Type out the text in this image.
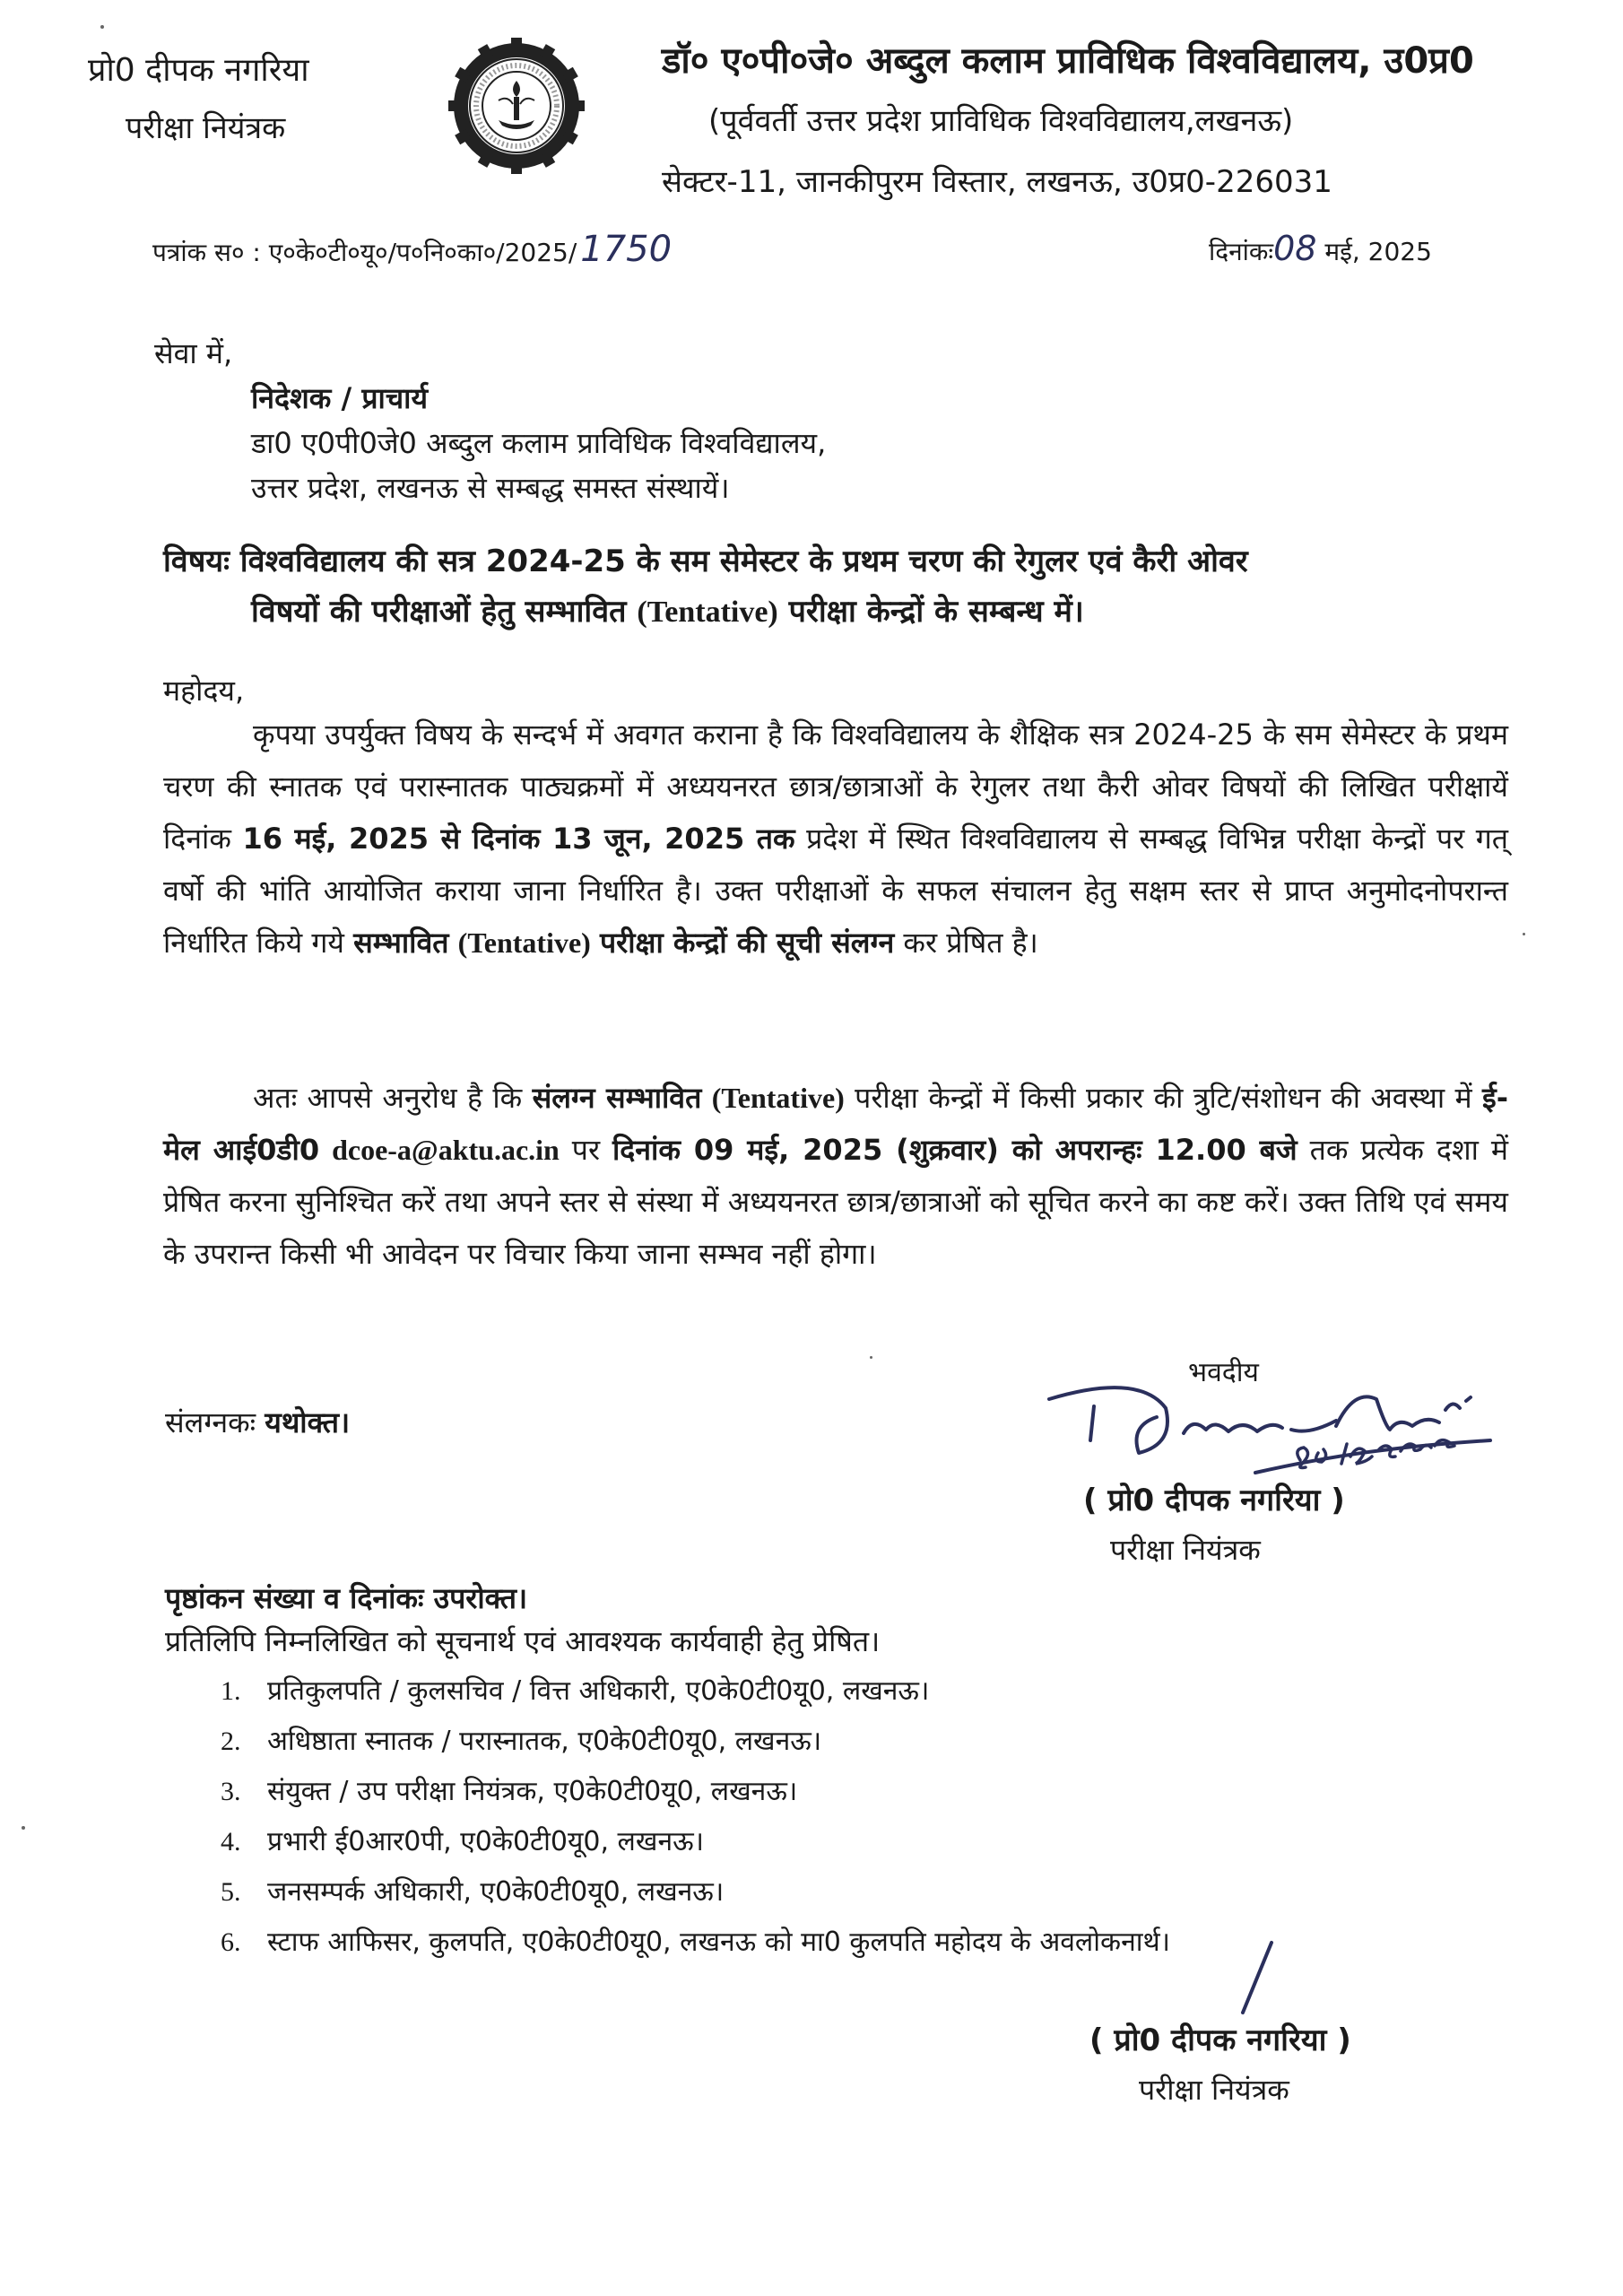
प्रो0 दीपक नगरिया
परीक्षा नियंत्रक
डॉ० ए०पी०जे० अब्दुल कलाम प्राविधिक विश्वविद्यालय, उ0प्र0
(पूर्ववर्ती उत्तर प्रदेश प्राविधिक विश्वविद्यालय,लखनऊ)
सेक्टर-11, जानकीपुरम विस्तार, लखनऊ, उ0प्र0-226031
पत्रांक स० : ए०के०टी०यू०/प०नि०का०/2025/ 1750	दिनांकः08 मई, 2025
सेवा में,
निदेशक / प्राचार्य
डा0 ए0पी0जे0 अब्दुल कलाम प्राविधिक विश्वविद्यालय,
उत्तर प्रदेश, लखनऊ से सम्बद्ध समस्त संस्थायें।
विषयः विश्वविद्यालय की सत्र 2024-25 के सम सेमेस्टर के प्रथम चरण की रेगुलर एवं कैरी ओवर
विषयों की परीक्षाओं हेतु सम्भावित (Tentative) परीक्षा केन्द्रों के सम्बन्ध में।
महोदय,
कृपया उपर्युक्त विषय के सन्दर्भ में अवगत कराना है कि विश्वविद्यालय के शैक्षिक सत्र 2024-25 के सम सेमेस्टर के प्रथम चरण की स्नातक एवं परास्नातक पाठ्यक्रमों में अध्ययनरत छात्र/छात्राओं के रेगुलर तथा कैरी ओवर विषयों की लिखित परीक्षायें दिनांक 16 मई, 2025 से दिनांक 13 जून, 2025 तक प्रदेश में स्थित विश्वविद्यालय से सम्बद्ध विभिन्न परीक्षा केन्द्रों पर गत् वर्षो की भांति आयोजित कराया जाना निर्धारित है। उक्त परीक्षाओं के सफल संचालन हेतु सक्षम स्तर से प्राप्त अनुमोदनोपरान्त निर्धारित किये गये सम्भावित (Tentative) परीक्षा केन्द्रों की सूची संलग्न कर प्रेषित है।
अतः आपसे अनुरोध है कि संलग्न सम्भावित (Tentative) परीक्षा केन्द्रों में किसी प्रकार की त्रुटि/संशोधन की अवस्था में ई-मेल आई0डी0 dcoe-a@aktu.ac.in पर दिनांक 09 मई, 2025 (शुक्रवार) को अपरान्हः 12.00 बजे तक प्रत्येक दशा में प्रेषित करना सुनिश्चित करें तथा अपने स्तर से संस्था में अध्ययनरत छात्र/छात्राओं को सूचित करने का कष्ट करें। उक्त तिथि एवं समय के उपरान्त किसी भी आवेदन पर विचार किया जाना सम्भव नहीं होगा।
भवदीय
संलग्नकः यथोक्त।
( प्रो0 दीपक नगरिया )
परीक्षा नियंत्रक
पृष्ठांकन संख्या व दिनांकः उपरोक्त।
प्रतिलिपि निम्नलिखित को सूचनार्थ एवं आवश्यक कार्यवाही हेतु प्रेषित।
1. प्रतिकुलपति / कुलसचिव / वित्त अधिकारी, ए0के0टी0यू0, लखनऊ।
2. अधिष्ठाता स्नातक / परास्नातक, ए0के0टी0यू0, लखनऊ।
3. संयुक्त / उप परीक्षा नियंत्रक, ए0के0टी0यू0, लखनऊ।
4. प्रभारी ई0आर0पी, ए0के0टी0यू0, लखनऊ।
5. जनसम्पर्क अधिकारी, ए0के0टी0यू0, लखनऊ।
6. स्टाफ आफिसर, कुलपति, ए0के0टी0यू0, लखनऊ को मा0 कुलपति महोदय के अवलोकनार्थ।
( प्रो0 दीपक नगरिया )
परीक्षा नियंत्रक
